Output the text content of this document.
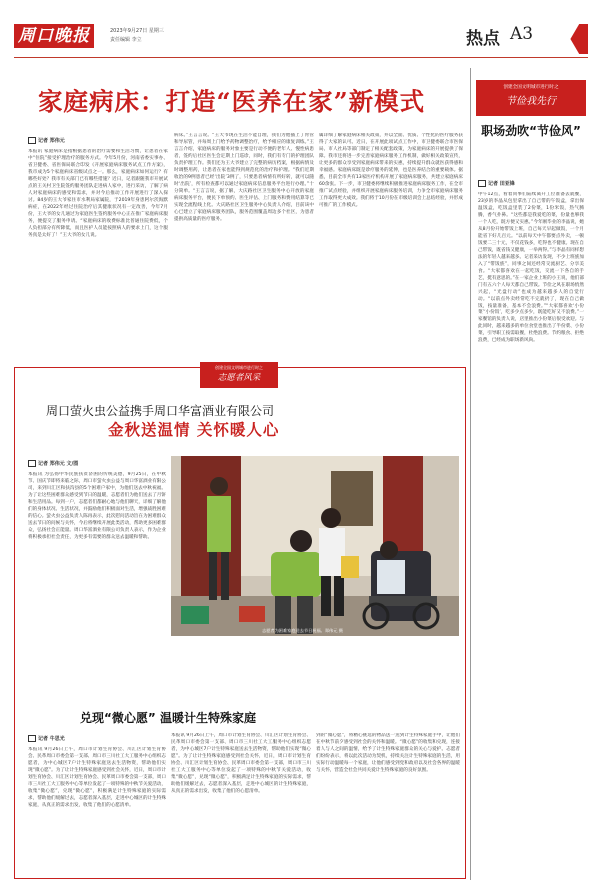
周口晚报	2023年9月27日 星期三
责任编辑 李立	热点 A3
家庭病床：打造“医养在家”新模式
记者 郑伟元
本报讯 家庭病床是指根据患者的治疗需要和生活习惯，让患者在家中“住院”接受护理治疗的服务方式。今年5月份，河南省委实事办、省卫健委、省医保局联合印发《开展家庭病床服务试点工作方案》，我市成为5个家庭病床省级试点之一。那么，家庭病床如何运行？有哪些好处？我市有关部门已有哪些措施？近日，记者跟随我市开展试点的王关村卫生院签约服务团队走进病人家中，进行采访，了解了病人对家庭病床的感受和需求，并对今后推动工作开展进行了深入探讨。84岁的王大爷家住市水利局家属院，于2019年身患阿尔茨海默病症，在2022年经过住院治疗后其健康状况有一定改善，今年7月份，王大爷的女儿通过为家庭医生签约服务中心正在推广家庭病床服务，便提交了服务申请。“家庭病床的收费标准比普通住院费低，个人负担部分有所降低，而且医护人员能按照病人的要求上门，这个服务真是太好了！”王大爷的女儿说。
病床。”王言言说。“王大爷现在生活不能自理，我们为他插上了胃管和导尿管，并每周上门给予药物调整治疗，给予相应的康复训练。”王言言介绍，家庭病床的服务对象主要是行动不便的老年人、慢性病患者，签约后社区医生会定期上门巡诊，同时，我们有专门的护理团队负责护理工作。我们还为王大爷建立了完整的病历档案，根据病情及时调整用药，让患者在家也能得到规范化的治疗和护理。“我们近期收治的9例患者已经‘出院’3例了，只要患者病情有所好转，就可以随时‘出院’，所有检查都可以通过家庭病床信息服务平台进行办理。”十分简单。“王言言说，据了解，大庆路社区卫生服务中心开放的家庭病床服务平台，便民下单预约、医生评估、上门服务和费用结算等已实现全流程线上化。大庆路社区卫生服务中心负责人介绍，目前该中心已建立了家庭病床服务团队，服务范围覆盖周边多个社区，为患者提供高质量的医疗服务。
属详细了解家庭病床相关政策，并以全面、优质、个性化的医疗服务获得了大家的认可。近日，在开展此项试点工作中，市卫健委联合市医保局、市人社局等部门制定了相关配套政策，为家庭病床的开展提供了保障。我市还将进一步完善家庭病床服务工作机制，做好相关政策宣传，让更多的群众享受到家庭病床带来的实惠，持续提升群众就医获得感和幸福感。家庭病床既是诊疗服务的延伸，也是医养结合的重要载体。据悉，目前全市共有13家医疗机构开展了家庭病床服务，共建立家庭病床60余张。下一步，市卫健委将继续积极推进家庭病床服务工作，在全市推广试点经验，并组织开展家庭病床服务培训，力争全市家庭病床服务工作取得更大成效。我们将于10月份在市级培训会上总结经验，并形成可推广的工作模式。
创建全国文明城市进行时之
节俭我先行
职场劲吹“节俭风”
记者 田亚锋
中午12点，看着同事们陆续离开工位准备去就餐，23岁的李晶从包里拿出了自己带的午饭盒，拿出保温饭盒，吃饭盒里装了2份菜，1份米饭，热气腾腾，香气扑鼻。“这些都是我爱吃的菜，份量也够我一个人吃，既方便又实惠。”今年刚毕业的李晶说，她从8月份开始带饭上班，自己每天早起做饭，一个月能省下好几百元。“以前每天中午都要点外卖，一顿饭要二三十元，不仅花钱多，吃得也不健康。现在自己带饭，既省钱又健康，一举两得。”与李晶有同样想法的年轻人越来越多。记者采访发现，不少上班族加入了“带饭族”，同事之间还经常交流厨艺、分享美食。“大家都喜欢在一起吃饭，交流一下各自的手艺，挺有意思的。”在一家企业上班的小王说，他们部门有五六个人每天都自己带饭。节俭之风在职场悄然兴起，“光盘行动”也成为越来越多人的自觉行动。“以前点外卖经常吃不完就扔了，现在自己做饭，按量准备，基本不会浪费。”“大家都喜欢‘小份菜’‘小份饭’，吃多少点多少，既能吃好又不浪费。”一家餐馆的负责人说，店里推出小份菜后很受欢迎。与此同时，越来越多的单位食堂也推出了半份菜、小份菜，引导职工按需取餐，杜绝浪费。节约粮食、拒绝浪费，已经成为职场新风尚。
创建全国文明城市进行时之
志愿者风采
周口萤火虫公益携手周口华富酒业有限公司
金秋送温情 关怀暖人心
记者 郑伟元 文/图
本报讯 为弘扬中华民族扶贫济困的传统美德，9月25日，在中秋节、国庆节即将来临之际，周口市萤火虫公益与周口华富酒业有限公司，来到川汇区和扶沟县的5个困难户家中，为他们送去中秋祝福。为了让这些困难群众感受到节日的温暖，志愿者们为他们送去了月饼和生活用品。每到一户，志愿者们都耐心地与他们聊天，详细了解他们的身体状况、生活状况，并鼓励他们积极面对生活，增强战胜困难的信心。萤火虫公益负责人陈再表示，此次慰问活动旨在为困难群众送去节日的问候与关怀，今后将继续开展此类活动，帮助更多困难群众，弘扬社会正能量。周口华富酒业有限公司负责人表示，作为企业将积极承担社会责任，为更多有需要的群众送去温暖和帮助。
志愿者为困难家庭送去节日祝福。郑伟元 摄
兑现“微心愿” 温暖计生特殊家庭
记者 牛思光
本报讯 9月26日上午，周口市计划生育协会、川汇区计划生育协会、民革周口市委会第一支部、周口市三川社工大工服务中心组织志愿者，为中心城区7户计生特殊家庭送去生活物资，帮助他们实现“微心愿”。为了让计生特殊家庭感受到社会关怀，近日，周口市计划生育协会、川汇区计划生育协会、民革周口市委会第一支部，周口市三川社工大工服务中心等单位发起了一项特殊的中秋节关爱活动，收集“微心愿”，兑现“微心愿”，积极满足计生特殊家庭的实际需求，帮助他们缓解过去，志愿者深入基层，走进中心城区的计生特殊家庭，从真正的需求出发，收集了他们的心愿清单。
本报讯 9月26日上午，周口市计划生育协会、川汇区计划生育协会、民革周口市委会第一支部、周口市三川社工大工服务中心组织志愿者，为中心城区7户计生特殊家庭送去生活物资，帮助他们实现“微心愿”。为了让计生特殊家庭感受到社会关怀，近日，周口市计划生育协会、川汇区计划生育协会、民革周口市委会第一支部，周口市三川社工大工服务中心等单位发起了一项特殊的中秋节关爱活动，收集“微心愿”，兑现“微心愿”，积极满足计生特殊家庭的实际需求，帮助他们缓解过去，志愿者深入基层，走进中心城区的计生特殊家庭，从真正的需求出发，收集了他们的心愿清单。
到的“微心愿”，将精心挑选的物品送一送到计生特殊家庭手中，让他们在中秋节前夕感受到社会的关怀和温暖。“微心愿”的收集和兑现，连接着人与人之间的温情，给予了计生特殊家庭群众的关心与爱护。志愿者们纷纷表示，将以此次活动为契机，持续关注计生特殊家庭的生活，用实际行动温暖每一个家庭，让他们感受到党和政府以及社会各界的温暖与关怀，营造全社会共同关爱计生特殊家庭的良好氛围。
